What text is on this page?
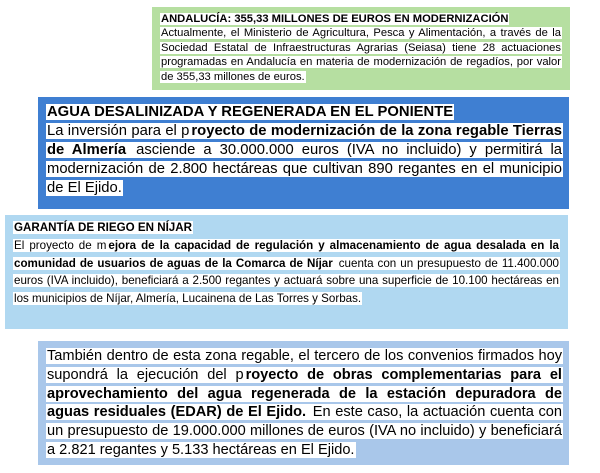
ANDALUCÍA: 355,33 MILLONES DE EUROS EN MODERNIZACIÓN

Actualmente, el Ministerio de Agricultura, Pesca y Alimentación, a través de la Sociedad Estatal de Infraestructuras Agrarias (Seiasa) tiene 28 actuaciones programadas en Andalucía en materia de modernización de regadíos, por valor de 355,33 millones de euros.

AGUA DESALINIZADA Y REGENERADA EN EL PONIENTE

La inversión para el p royecto de modernización de la zona regable Tierras de Almería asciende a 30.000.000 euros (IVA no incluido) y permitirá la modernización de 2.800 hectáreas que cultivan 890 regantes en el municipio de El Ejido.

GARANTÍA DE RIEGO EN NÍJAR

El proyecto de m ejora de la capacidad de regulación y almacenamiento de agua desalada en la comunidad de usuarios de aguas de la Comarca de Níjar cuenta con un presupuesto de 11.400.000 euros (IVA incluido), beneficiará a 2.500 regantes y actuará sobre una superficie de 10.100 hectáreas en los municipios de Níjar, Almería, Lucainena de Las Torres y Sorbas.

También dentro de esta zona regable, el tercero de los convenios firmados hoy supondrá la ejecución del p royecto de obras complementarias para el aprovechamiento del agua regenerada de la estación depuradora de aguas residuales (EDAR) de El Ejido. En este caso, la actuación cuenta con un presupuesto de 19.000.000 millones de euros (IVA no incluido) y beneficiará a 2.821 regantes y 5.133 hectáreas en El Ejido.
